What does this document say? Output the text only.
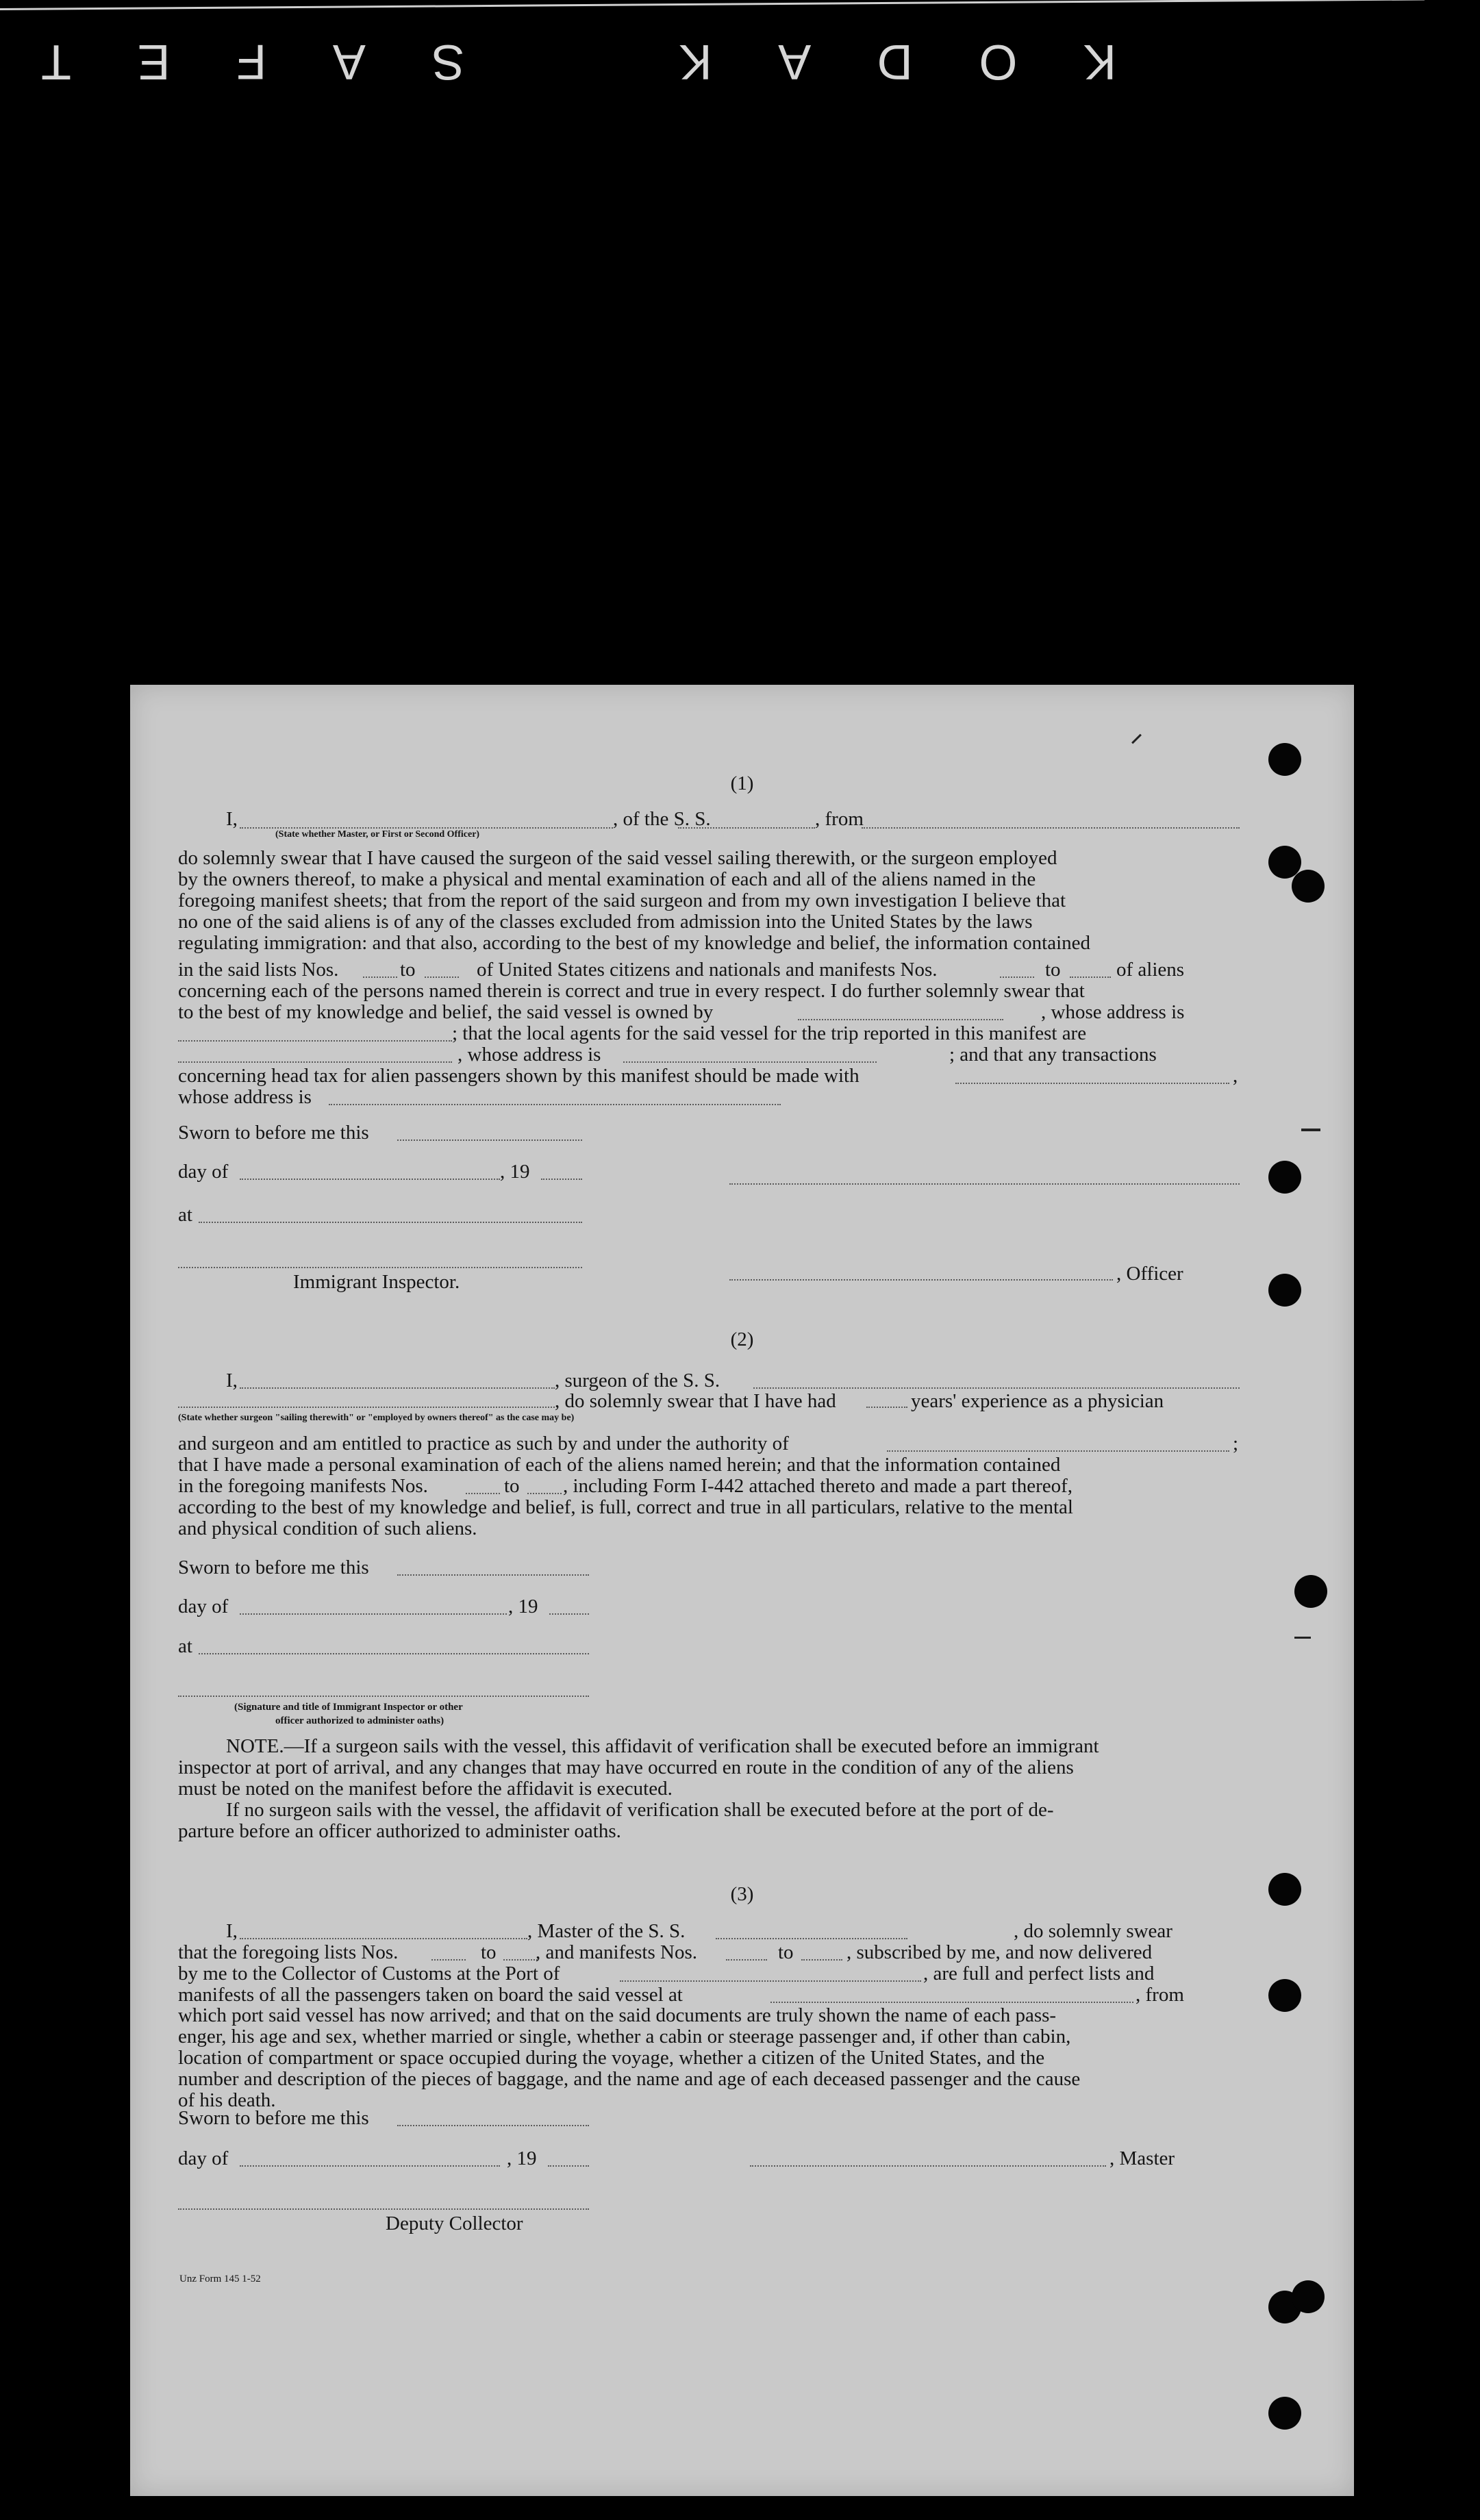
K
O
D
A
K
S
A
F
E
T
(1)
I,	, of the S. S.	, from
(State whether Master, or First or Second Officer)
do solemnly swear that I have caused the surgeon of the said vessel sailing therewith, or the surgeon employed
by the owners thereof, to make a physical and mental examination of each and all of the aliens named in the
foregoing manifest sheets; that from the report of the said surgeon and from my own investigation I believe that
no one of the said aliens is of any of the classes excluded from admission into the United States by the laws
regulating immigration: and that also, according to the best of my knowledge and belief, the information contained
in the said lists Nos.	to	of United States citizens and nationals and manifests Nos.	to	of aliens
concerning each of the persons named therein is correct and true in every respect. I do further solemnly swear that
to the best of my knowledge and belief, the said vessel is owned by	, whose address is
; that the local agents for the said vessel for the trip reported in this manifest are
, whose address is	; and that any transactions
concerning head tax for alien passengers shown by this manifest should be made with	,
whose address is
Sworn to before me this
day of	, 19
at
, Officer
Immigrant Inspector.
(2)
I,	, surgeon of the S. S.
, do solemnly swear that I have had	years' experience as a physician
(State whether surgeon "sailing therewith" or "employed by owners thereof" as the case may be)
and surgeon and am entitled to practice as such by and under the authority of	;
that I have made a personal examination of each of the aliens named herein; and that the information contained
in the foregoing manifests Nos.	to , including Form I-442 attached thereto and made a part thereof,
according to the best of my knowledge and belief, is full, correct and true in all particulars, relative to the mental
and physical condition of such aliens.
Sworn to before me this
day of	, 19
at
(Signature and title of Immigrant Inspector or other
officer authorized to administer oaths)
NOTE.—If a surgeon sails with the vessel, this affidavit of verification shall be executed before an immigrant
inspector at port of arrival, and any changes that may have occurred en route in the condition of any of the aliens
must be noted on the manifest before the affidavit is executed.
If no surgeon sails with the vessel, the affidavit of verification shall be executed before at the port of de-
parture before an officer authorized to administer oaths.
(3)
I,	, Master of the S. S.	, do solemnly swear
that the foregoing lists Nos.	to , and manifests Nos.	to	, subscribed by me, and now delivered
by me to the Collector of Customs at the Port of	, are full and perfect lists and
manifests of all the passengers taken on board the said vessel at	, from
which port said vessel has now arrived; and that on the said documents are truly shown the name of each pass-
enger, his age and sex, whether married or single, whether a cabin or steerage passenger and, if other than cabin,
location of compartment or space occupied during the voyage, whether a citizen of the United States, and the
number and description of the pieces of baggage, and the name and age of each deceased passenger and the cause
of his death.
Sworn to before me this
day of	, 19	, Master
Deputy Collector
Unz Form 145 1-52
